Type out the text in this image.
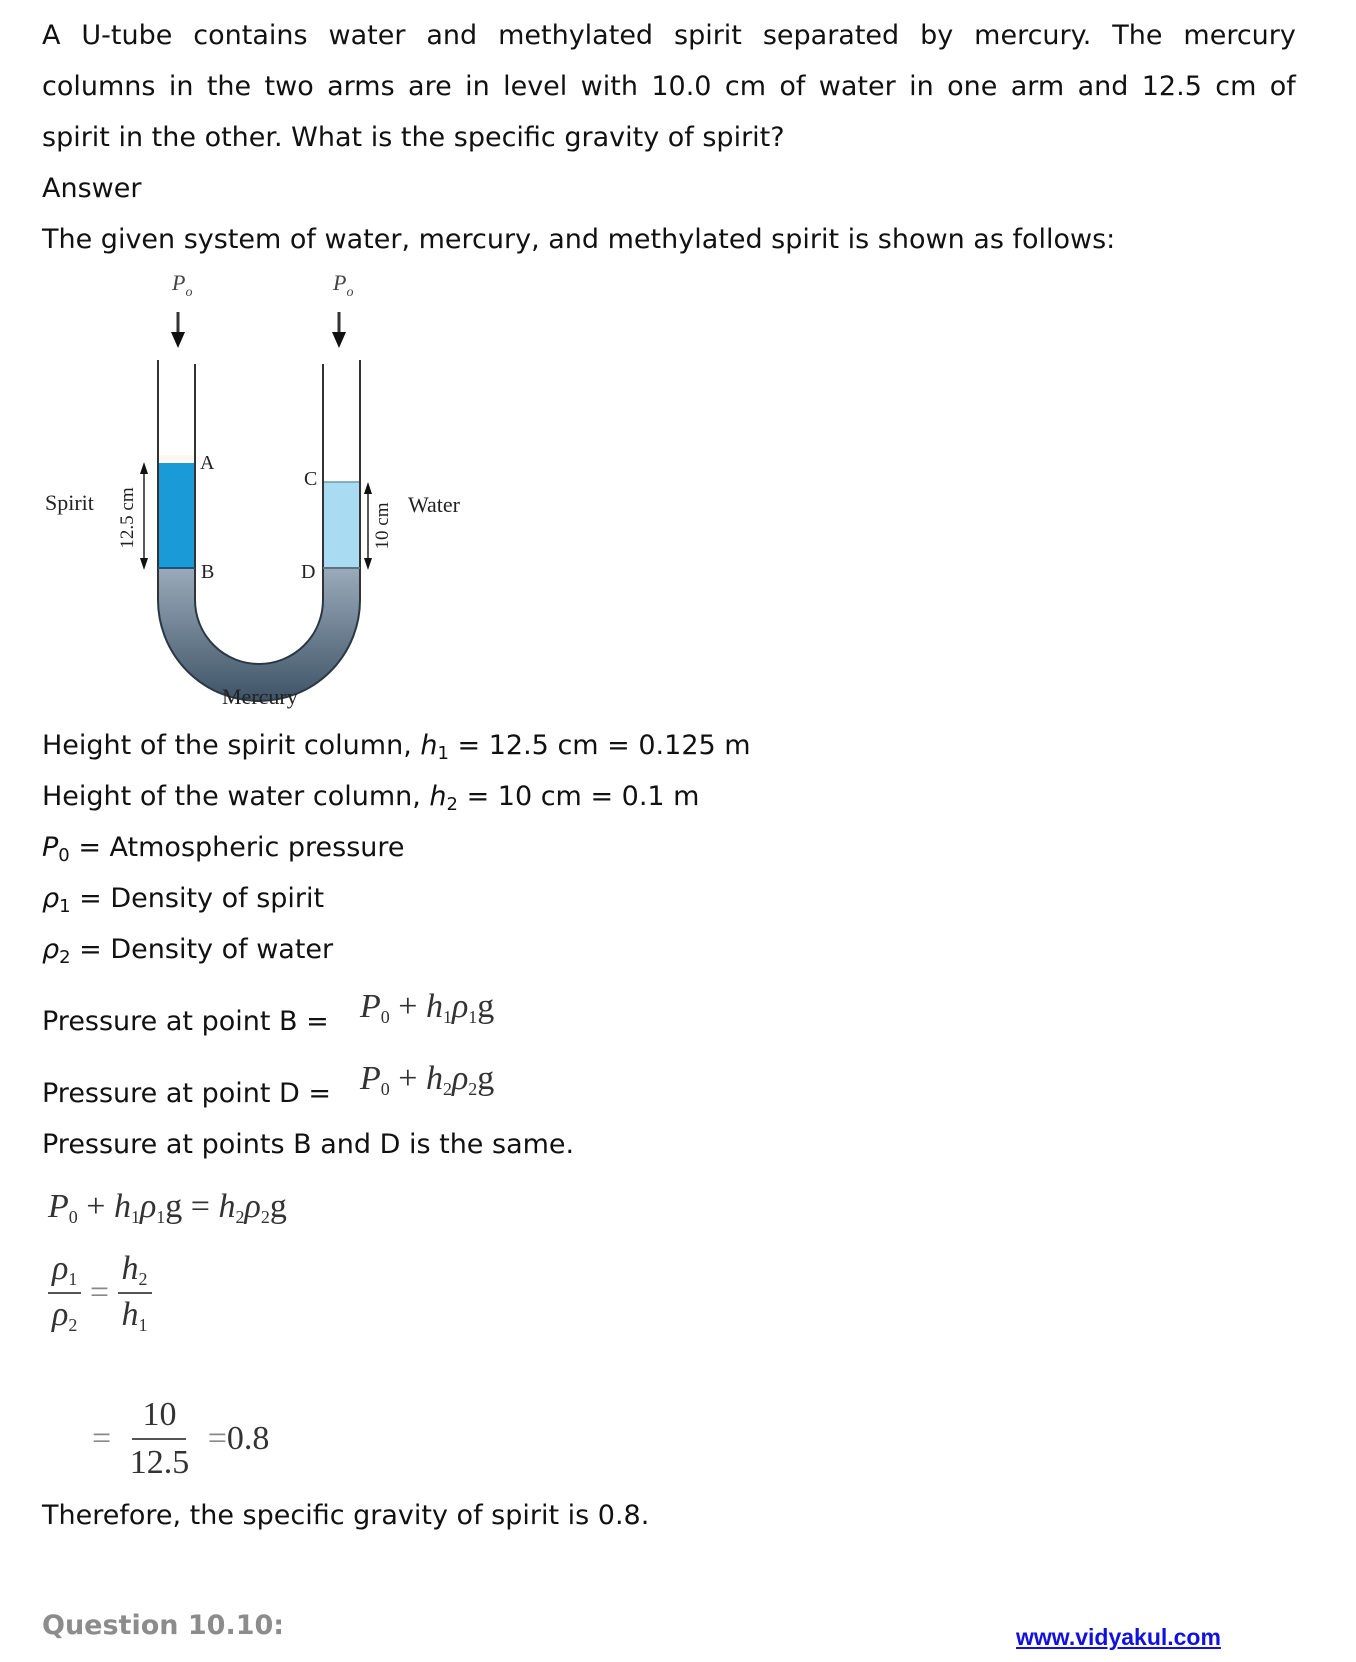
A U-tube contains water and methylated spirit separated by mercury. The mercury
columns in the two arms are in level with 10.0 cm of water in one arm and 12.5 cm of
spirit in the other. What is the specific gravity of spirit?
Answer
The given system of water, mercury, and methylated spirit is shown as follows:
$P_o$	$P_o$
A
C
B	D
12.5 cm
Spirit
10 cm Water
Mercury
Height of the spirit column, $h_1 = 12.5$ cm = 0.125 m
Height of the water column, $h_2 = 10$ cm = 0.1 m
$P_0$ = Atmospheric pressure
$\rho_1$ = Density of spirit
$\rho_2$ = Density of water
Pressure at point $B = P_0 + h_1\rho_1g$
Pressure at point $D = P_0 + h_2\rho_2g$
Pressure at points B and D is the same.
$P_0 + h_1\rho_1g = h_2\rho_2g$
$\frac{\rho_1}{\rho_2} = \frac{h_2}{h_1}$
= $\frac{10}{12.5} =0.8$
Therefore, the specific gravity of spirit is 0.8.
Question 10.10:	www.vidyakul.com
